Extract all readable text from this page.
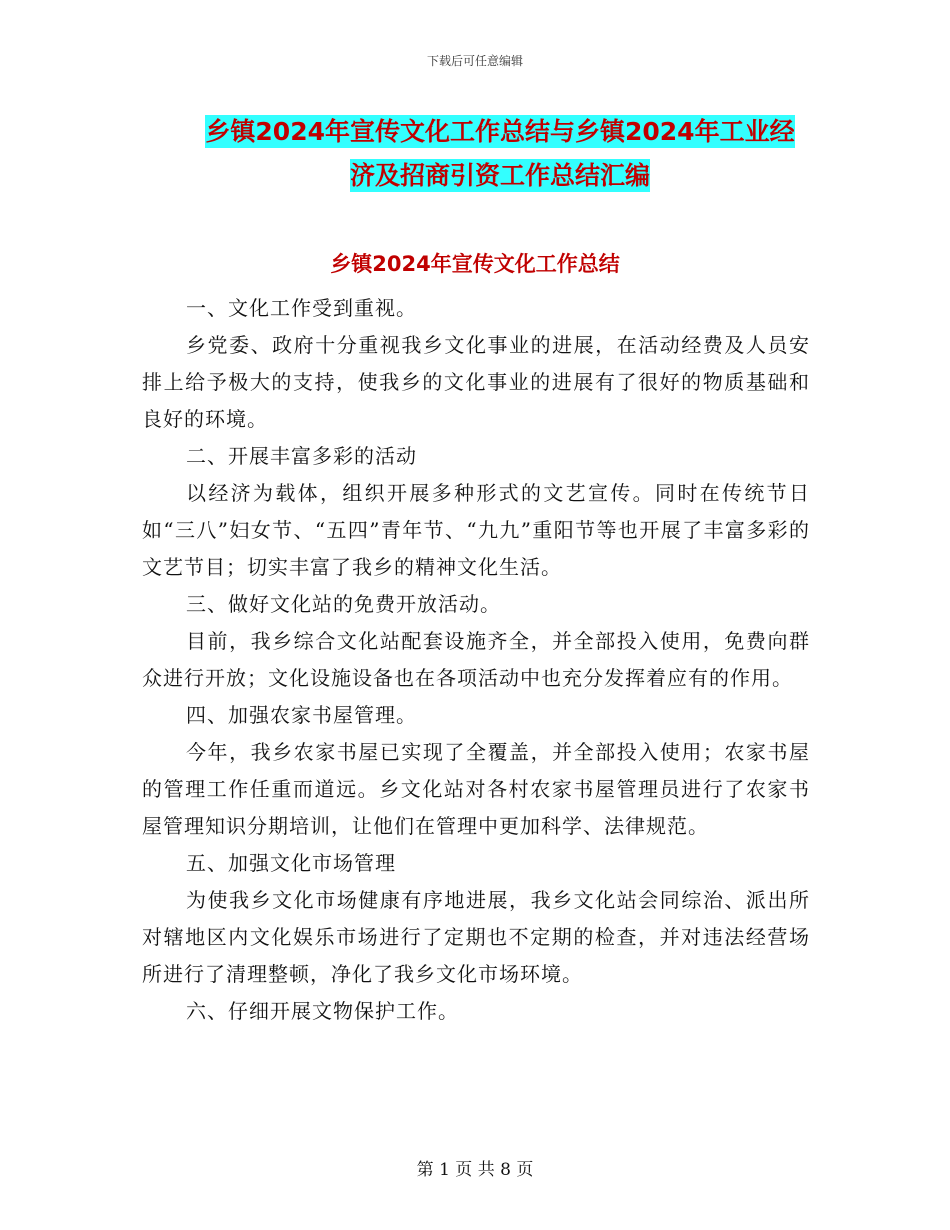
下载后可任意编辑
乡镇2024年宣传文化工作总结与乡镇2024年工业经
济及招商引资工作总结汇编
乡镇2024年宣传文化工作总结

一、文化工作受到重视。

乡党委、政府十分重视我乡文化事业的进展，在活动经费及人员安排上给予极大的支持，使我乡的文化事业的进展有了很好的物质基础和良好的环境。

二、开展丰富多彩的活动

以经济为载体，组织开展多种形式的文艺宣传。同时在传统节日如“三八”妇女节、“五四”青年节、“九九”重阳节等也开展了丰富多彩的文艺节目；切实丰富了我乡的精神文化生活。

三、做好文化站的免费开放活动。

目前，我乡综合文化站配套设施齐全，并全部投入使用，免费向群众进行开放；文化设施设备也在各项活动中也充分发挥着应有的作用。

四、加强农家书屋管理。

今年，我乡农家书屋已实现了全覆盖，并全部投入使用；农家书屋的管理工作任重而道远。乡文化站对各村农家书屋管理员进行了农家书屋管理知识分期培训，让他们在管理中更加科学、法律规范。

五、加强文化市场管理

为使我乡文化市场健康有序地进展，我乡文化站会同综治、派出所对辖地区内文化娱乐市场进行了定期也不定期的检查，并对违法经营场所进行了清理整顿，净化了我乡文化市场环境。

六、仔细开展文物保护工作。

第 1 页 共 8 页
